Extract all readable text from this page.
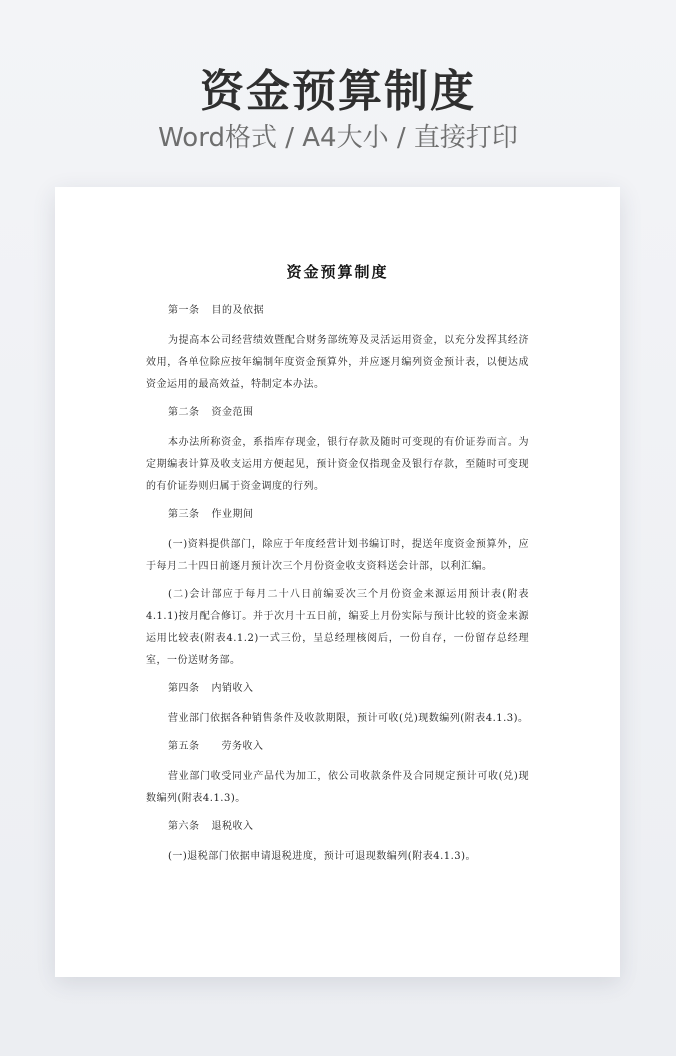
资金预算制度
Word格式 / A4大小 / 直接打印
资金预算制度

第一条 目的及依据

为提高本公司经营绩效暨配合财务部统筹及灵活运用资金，以充分发挥其经济效用，各单位除应按年编制年度资金预算外，并应逐月编列资金预计表，以便达成资金运用的最高效益，特制定本办法。

第二条 资金范围

本办法所称资金，系指库存现金，银行存款及随时可变现的有价证券而言。为定期编表计算及收支运用方便起见，预计资金仅指现金及银行存款，至随时可变现的有价证券则归属于资金调度的行列。

第三条 作业期间

(一)资料提供部门，除应于年度经营计划书编订时，提送年度资金预算外，应于每月二十四日前逐月预计次三个月份资金收支资料送会计部，以利汇编。

(二)会计部应于每月二十八日前编妥次三个月份资金来源运用预计表(附表4.1.1)按月配合修订。并于次月十五日前，编妥上月份实际与预计比较的资金来源运用比较表(附表4.1.2)一式三份，呈总经理核阅后，一份自存，一份留存总经理室，一份送财务部。

第四条 内销收入

营业部门依据各种销售条件及收款期限，预计可收(兑)现数编列(附表4.1.3)。

第五条 劳务收入

营业部门收受同业产品代为加工，依公司收款条件及合同规定预计可收(兑)现数编列(附表4.1.3)。

第六条 退税收入

(一)退税部门依据申请退税进度，预计可退现数编列(附表4.1.3)。
